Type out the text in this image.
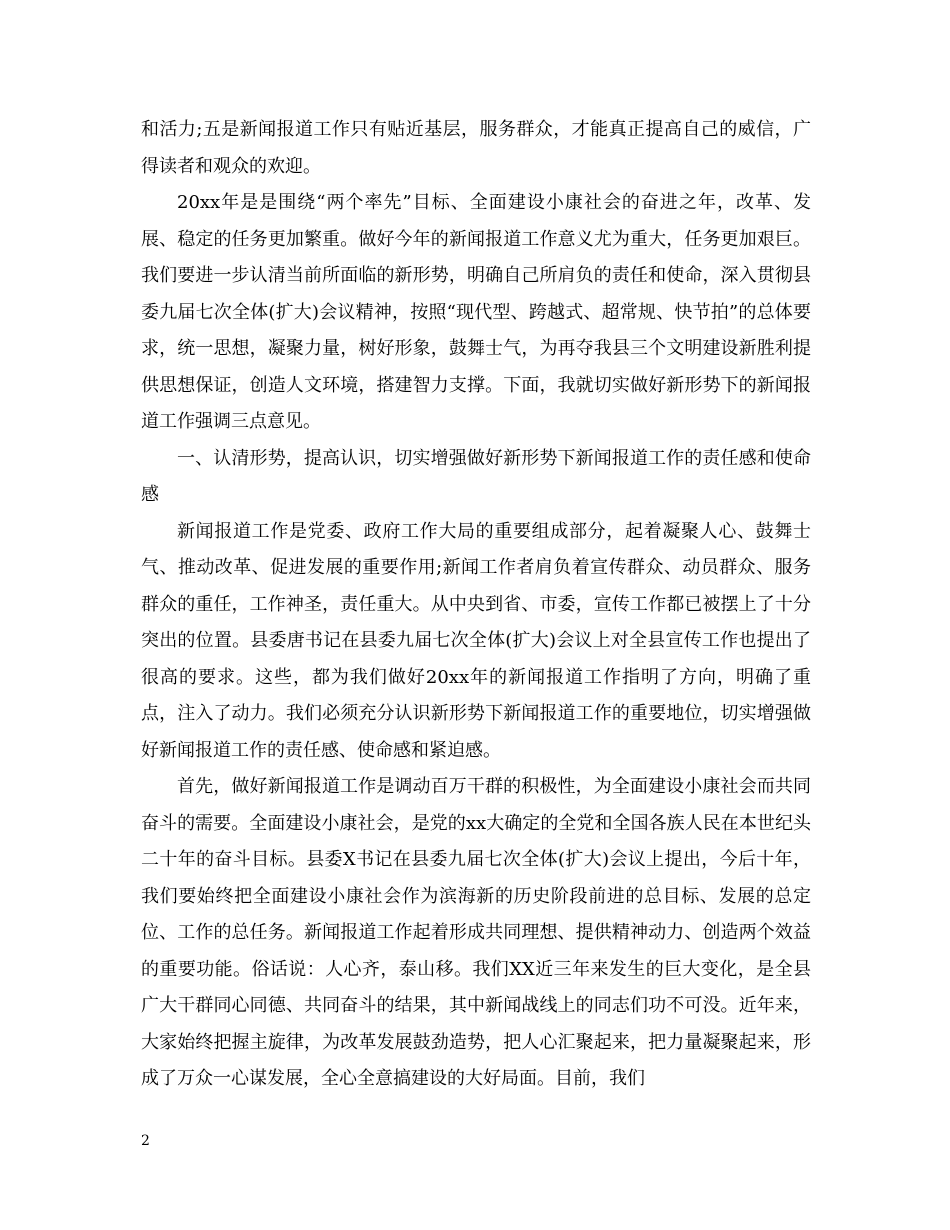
和活力;五是新闻报道工作只有贴近基层，服务群众，才能真正提高自己的威信，广得读者和观众的欢迎。

20xx年是是围绕“两个率先”目标、全面建设小康社会的奋进之年，改革、发展、稳定的任务更加繁重。做好今年的新闻报道工作意义尤为重大，任务更加艰巨。我们要进一步认清当前所面临的新形势，明确自己所肩负的责任和使命，深入贯彻县委九届七次全体(扩大)会议精神，按照“现代型、跨越式、超常规、快节拍”的总体要求，统一思想，凝聚力量，树好形象，鼓舞士气，为再夺我县三个文明建设新胜利提供思想保证，创造人文环境，搭建智力支撑。下面，我就切实做好新形势下的新闻报道工作强调三点意见。

一、认清形势，提高认识，切实增强做好新形势下新闻报道工作的责任感和使命感

新闻报道工作是党委、政府工作大局的重要组成部分，起着凝聚人心、鼓舞士气、推动改革、促进发展的重要作用;新闻工作者肩负着宣传群众、动员群众、服务群众的重任，工作神圣，责任重大。从中央到省、市委，宣传工作都已被摆上了十分突出的位置。县委唐书记在县委九届七次全体(扩大)会议上对全县宣传工作也提出了很高的要求。这些，都为我们做好20xx年的新闻报道工作指明了方向，明确了重点，注入了动力。我们必须充分认识新形势下新闻报道工作的重要地位，切实增强做好新闻报道工作的责任感、使命感和紧迫感。

首先，做好新闻报道工作是调动百万干群的积极性，为全面建设小康社会而共同奋斗的需要。全面建设小康社会，是党的xx大确定的全党和全国各族人民在本世纪头二十年的奋斗目标。县委X书记在县委九届七次全体(扩大)会议上提出，今后十年，我们要始终把全面建设小康社会作为滨海新的历史阶段前进的总目标、发展的总定位、工作的总任务。新闻报道工作起着形成共同理想、提供精神动力、创造两个效益的重要功能。俗话说：人心齐，泰山移。我们XX近三年来发生的巨大变化，是全县广大干群同心同德、共同奋斗的结果，其中新闻战线上的同志们功不可没。近年来，大家始终把握主旋律，为改革发展鼓劲造势，把人心汇聚起来，把力量凝聚起来，形成了万众一心谋发展，全心全意搞建设的大好局面。目前，我们

2
